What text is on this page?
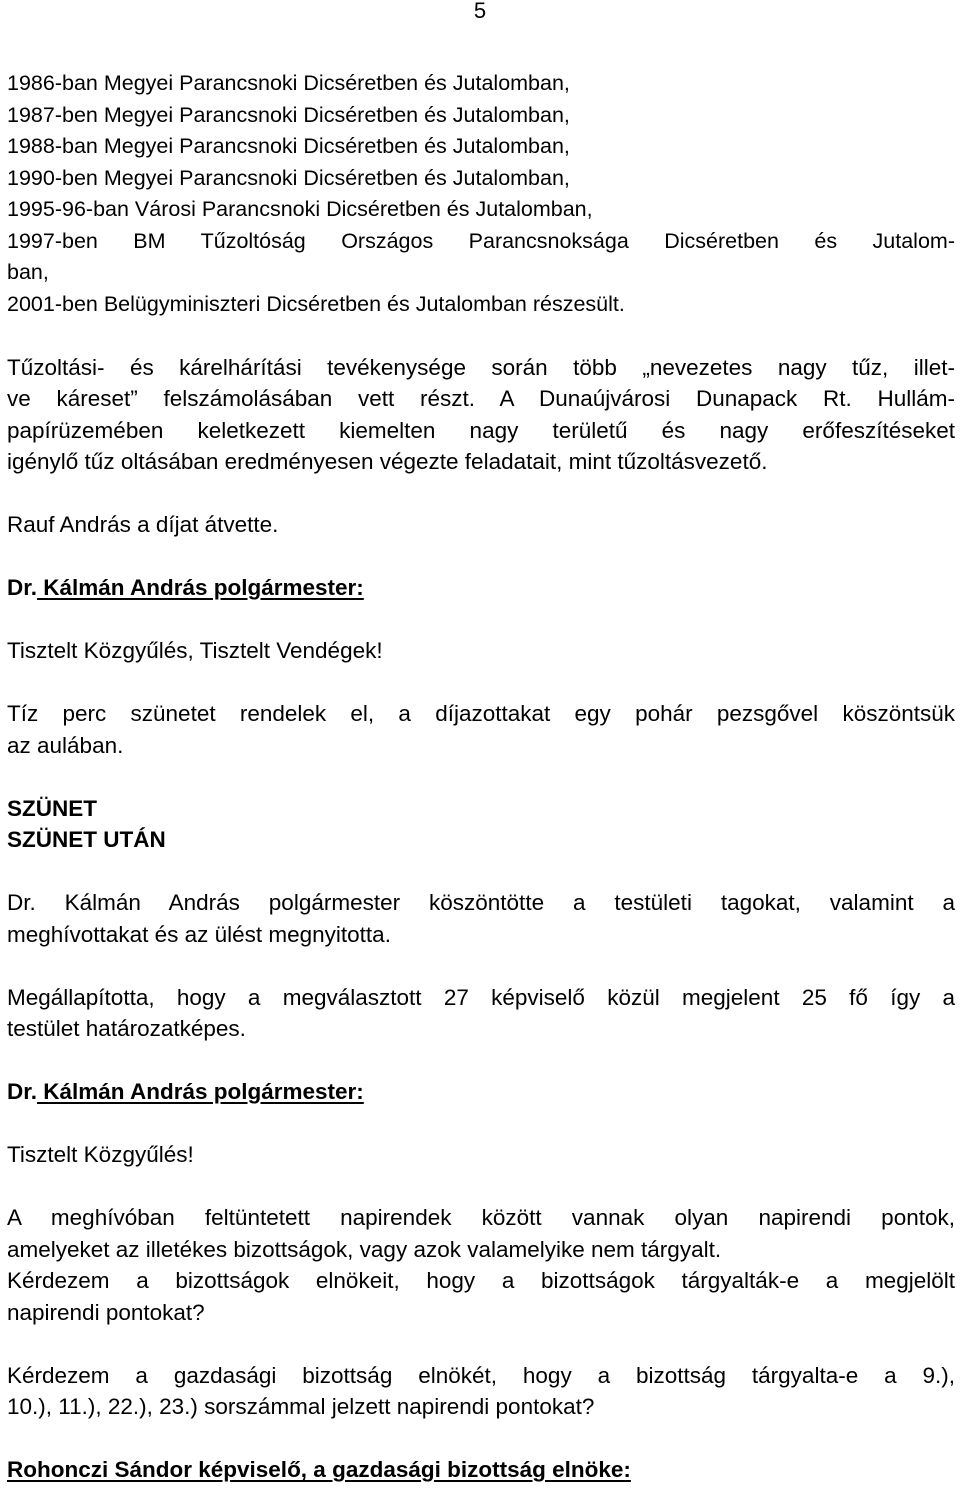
5
1986-ban Megyei Parancsnoki Dicséretben és Jutalomban,
1987-ben Megyei Parancsnoki Dicséretben és Jutalomban,
1988-ban Megyei Parancsnoki Dicséretben és Jutalomban,
1990-ben Megyei Parancsnoki Dicséretben és Jutalomban,
1995-96-ban Városi Parancsnoki Dicséretben és Jutalomban,
1997-ben BM Tűzoltóság Országos Parancsnoksága Dicséretben és Jutalom-
ban,
2001-ben Belügyminiszteri Dicséretben és Jutalomban részesült.
Tűzoltási- és kárelhárítási tevékenysége során több „nevezetes nagy tűz, illet-
ve káreset” felszámolásában vett részt. A Dunaújvárosi Dunapack Rt. Hullám-
papírüzemében keletkezett kiemelten nagy területű és nagy erőfeszítéseket
igénylő tűz oltásában eredményesen végezte feladatait, mint tűzoltásvezető.
Rauf András a díjat átvette.
Dr. Kálmán András polgármester:
Tisztelt Közgyűlés, Tisztelt Vendégek!
Tíz perc szünetet rendelek el, a díjazottakat egy pohár pezsgővel köszöntsük
az aulában.
SZÜNET
SZÜNET UTÁN
Dr. Kálmán András polgármester köszöntötte a testületi tagokat, valamint a
meghívottakat és az ülést megnyitotta.
Megállapította, hogy a megválasztott 27 képviselő közül megjelent 25 fő így a
testület határozatképes.
Dr. Kálmán András polgármester:
Tisztelt Közgyűlés!
A meghívóban feltüntetett napirendek között vannak olyan napirendi pontok,
amelyeket az illetékes bizottságok, vagy azok valamelyike nem tárgyalt.
Kérdezem a bizottságok elnökeit, hogy a bizottságok tárgyalták-e a megjelölt
napirendi pontokat?
Kérdezem a gazdasági bizottság elnökét, hogy a bizottság tárgyalta-e a 9.),
10.), 11.), 22.), 23.) sorszámmal jelzett napirendi pontokat?
Rohonczi Sándor képviselő, a gazdasági bizottság elnöke:
